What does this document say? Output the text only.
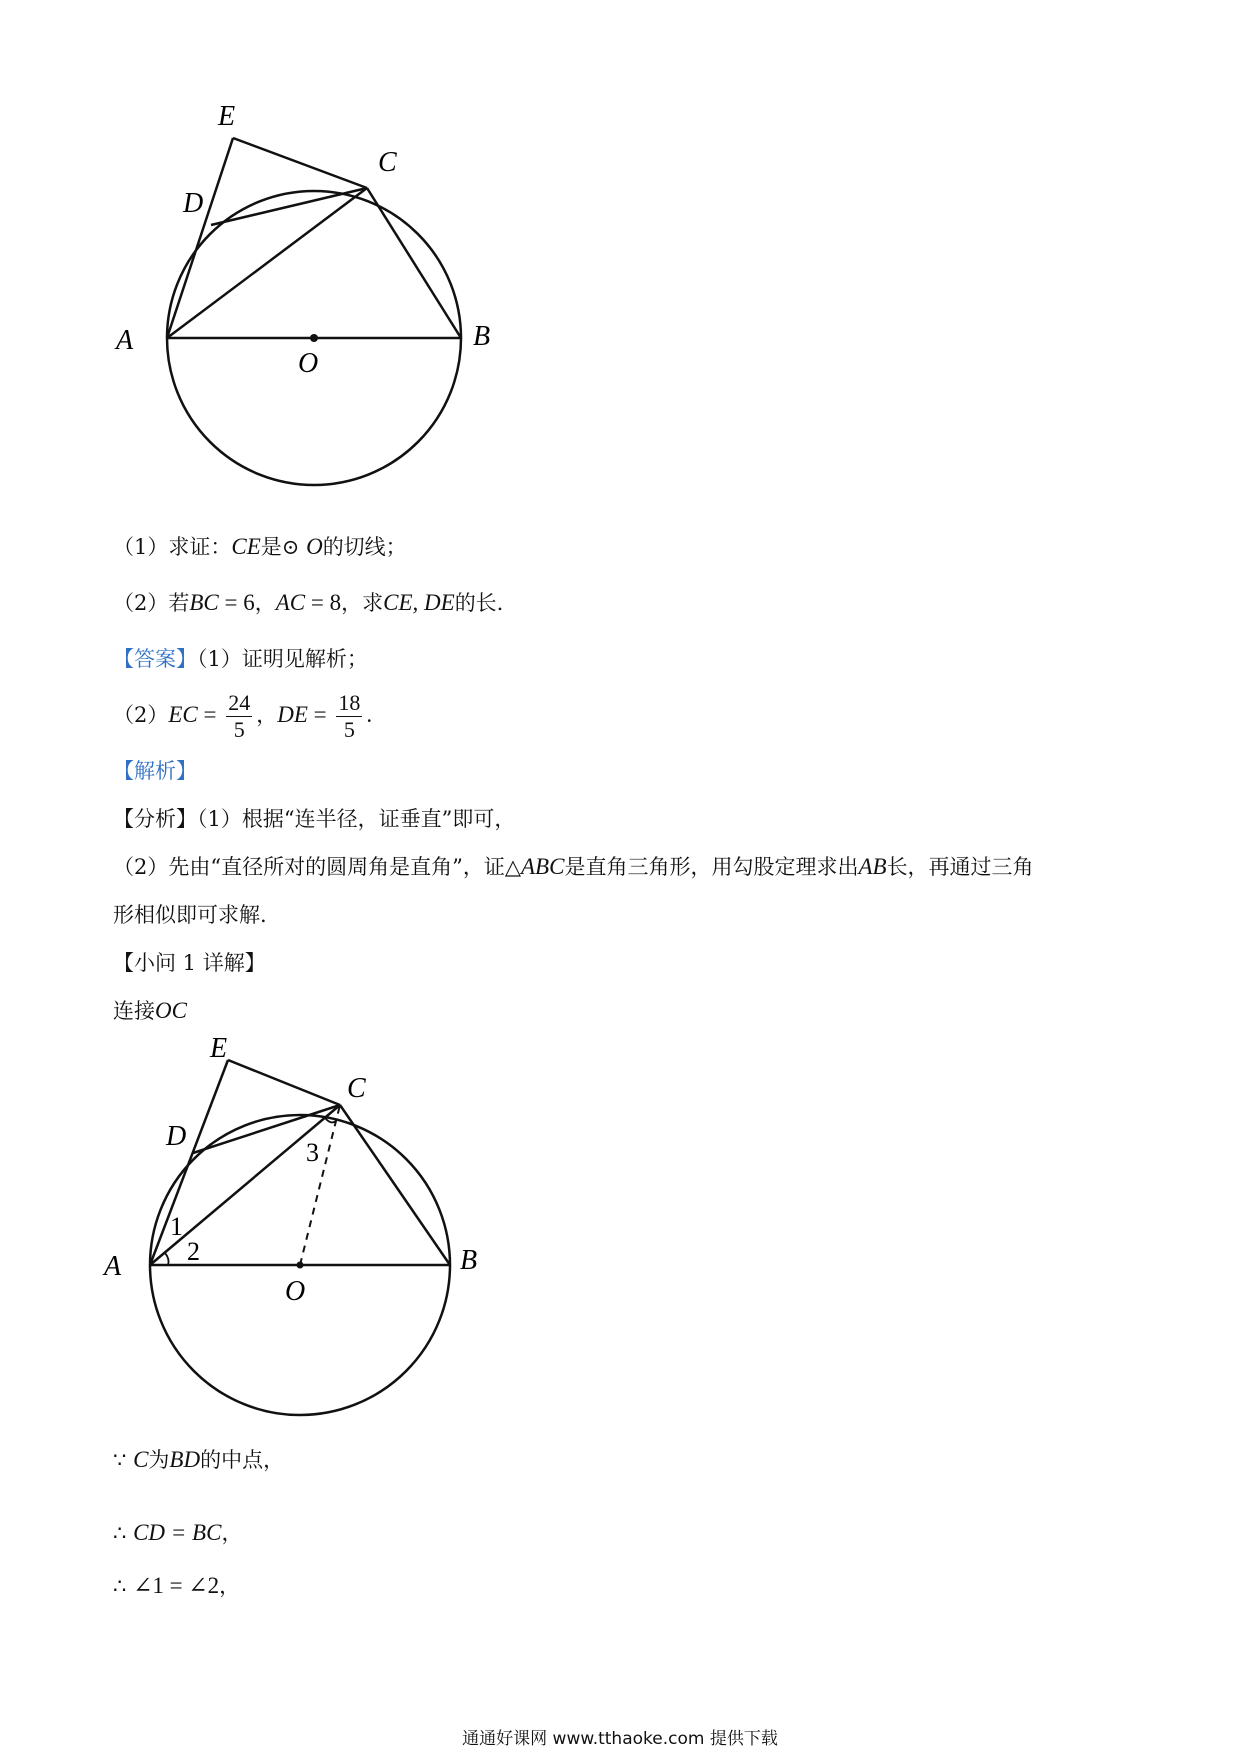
E
C
D
A	B
O
（1）求证：CE是⊙ O的切线；
（2）若BC = 6，AC = 8，求CE, DE的长.
【答案】（1）证明见解析；
$(2)EC = \frac{24}{5}$ ，DE = $\frac{18}{5}$ .
【解析】
【分析】（1）根据“连半径，证垂直”即可，
（2）先由“直径所对的圆周角是直角”，证△ABC是直角三角形，用勾股定理求出AB长，再通过三角
形相似即可求解.
【小问 1 详解】
连接OC
E
C
D
A	B
O
1
2
3
∵ C为BD的中点，
∴ CD = BC，
∴ ∠1 = ∠2，
通通好课网 www.tthaoke.com 提供下载
